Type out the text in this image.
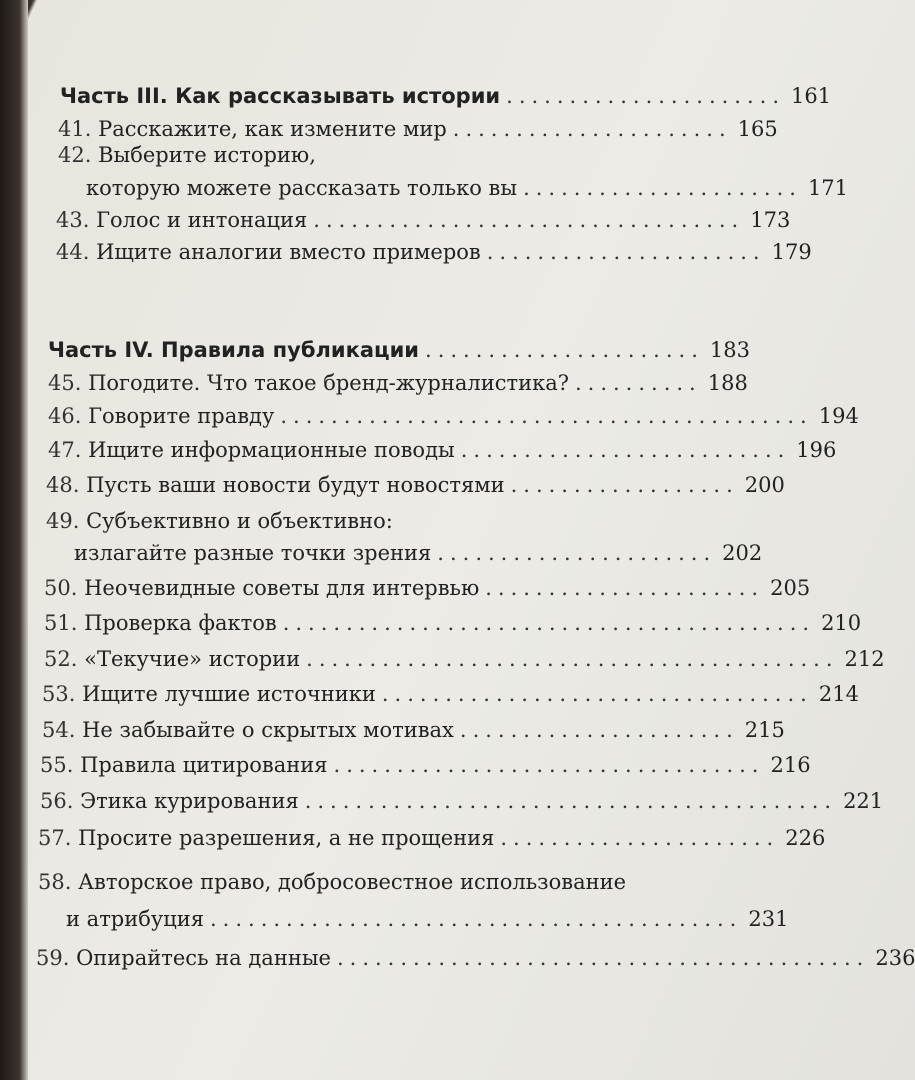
Часть III. Как рассказывать истории ...................... 161
41.
Расскажите, как измените мир ...................... 165
42.
Выберите историю,
которую можете рассказать только вы ...................... 171
43.
Голос и интонация .................................. 173
44.
Ищите аналогии вместо примеров ...................... 179
Часть IV. Правила публикации ...................... 183
45.
Погодите. Что такое бренд-журналистика? .......... 188
46.
Говорите правду .......................................... 194
47.
Ищите информационные поводы .......................... 196
48.
Пусть ваши новости будут новостями .................. 200
49.
Субъективно и объективно:
излагайте разные точки зрения ...................... 202
50.
Неочевидные советы для интервью ...................... 205
51.
Проверка фактов .......................................... 210
52.
«Текучие» истории .......................................... 212
53.
Ищите лучшие источники .................................. 214
54.
Не забывайте о скрытых мотивах ...................... 215
55.
Правила цитирования .................................. 216
56.
Этика курирования .......................................... 221
57.
Просите разрешения, а не прощения ...................... 226
58.
Авторское право, добросовестное использование
и атрибуция .......................................... 231
59.
Опирайтесь на данные .......................................... 236
